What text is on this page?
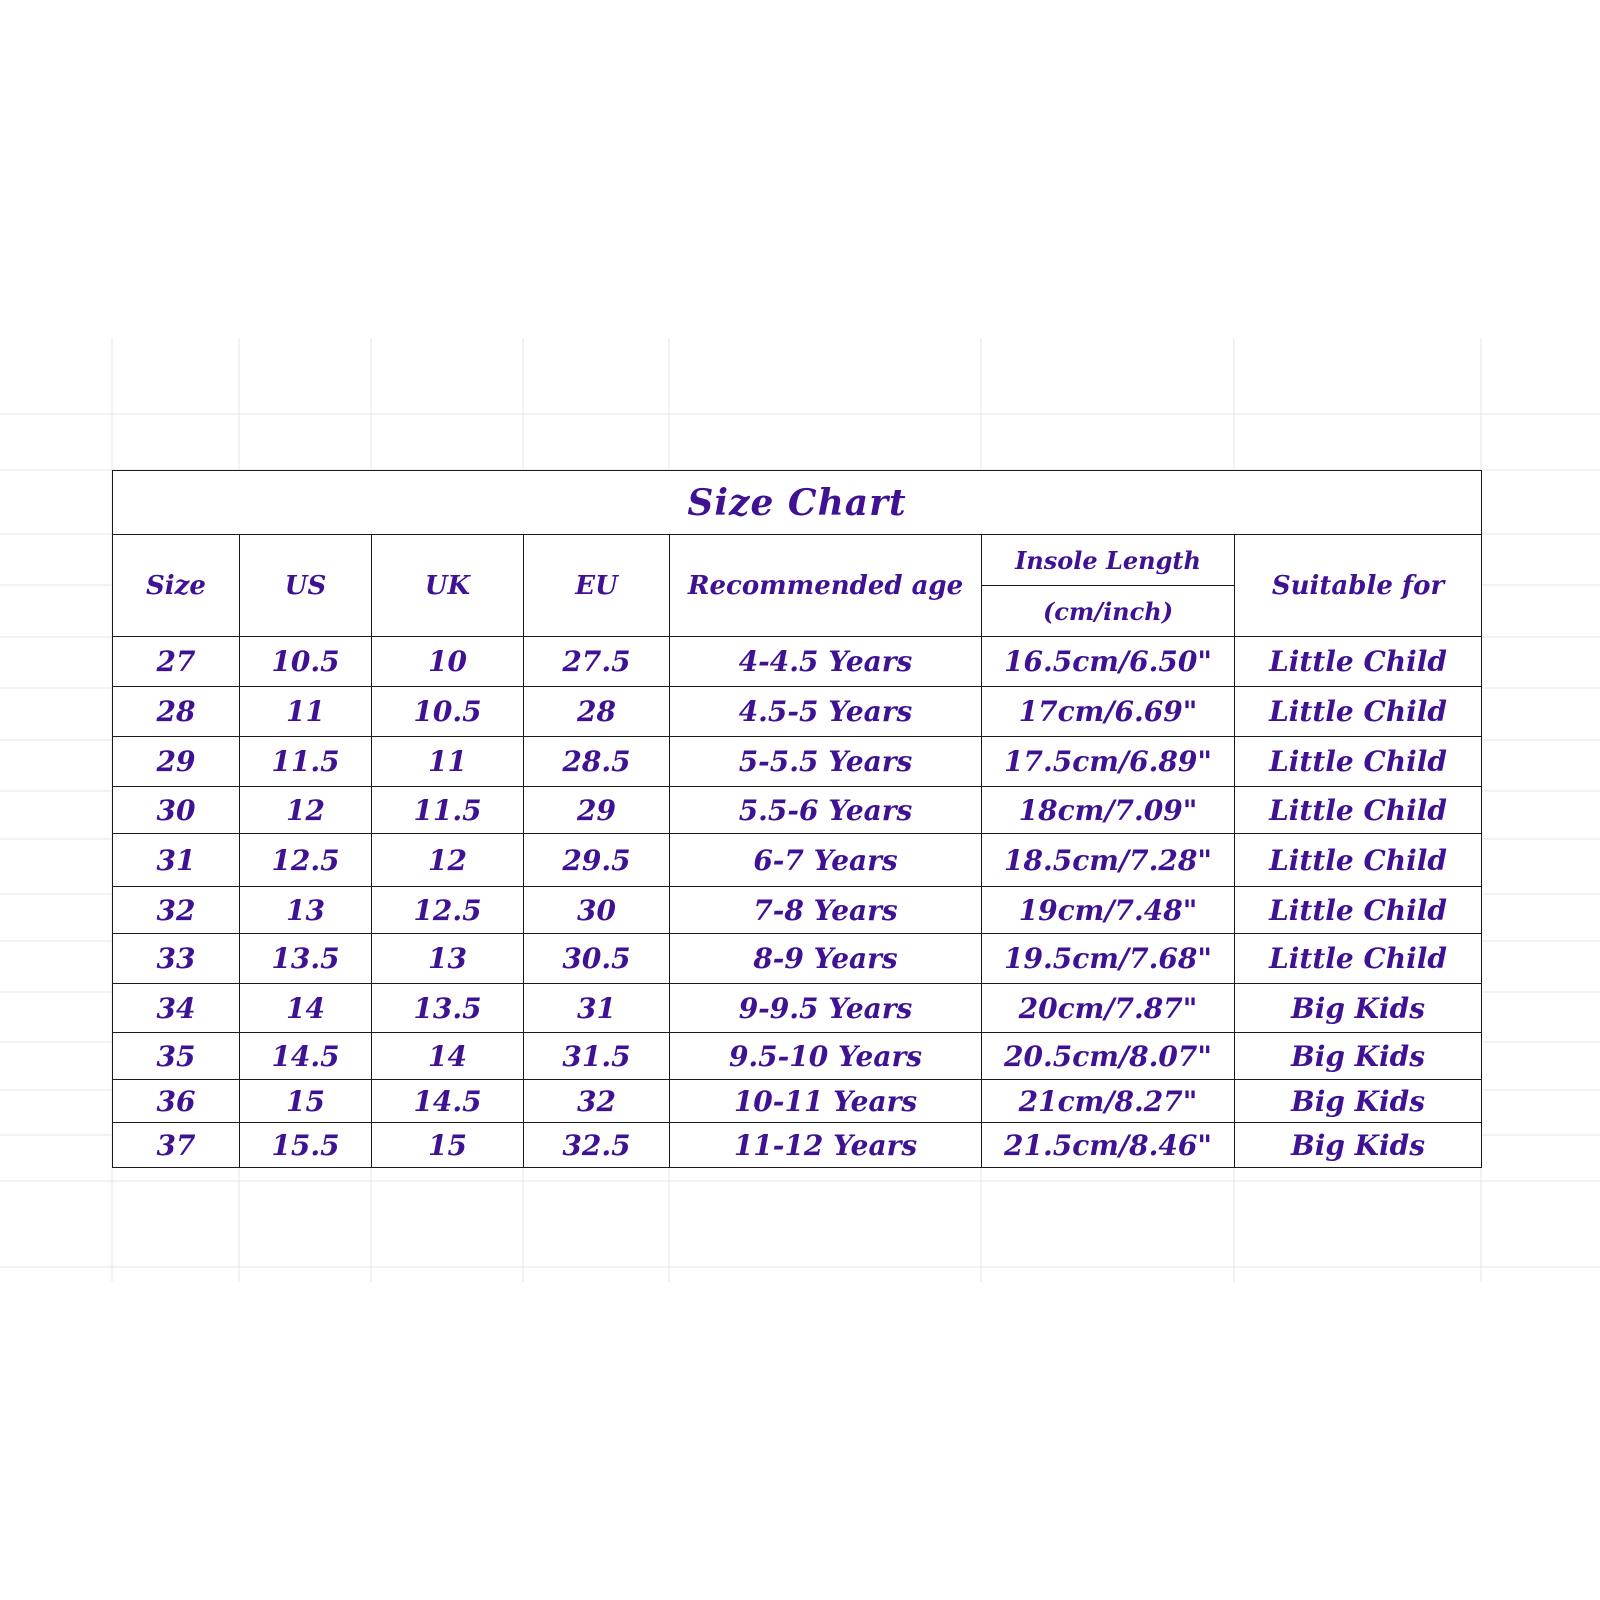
Size Chart						
Size	US	UK	EU	Recommended age	Insole Length	Suitable for
					(cm/inch)	
27	10.5	10	27.5	4-4.5 Years	16.5cm/6.50"	Little Child
28	11	10.5	28	4.5-5 Years	17cm/6.69"	Little Child
29	11.5	11	28.5	5-5.5 Years	17.5cm/6.89"	Little Child
30	12	11.5	29	5.5-6 Years	18cm/7.09"	Little Child
31	12.5	12	29.5	6-7 Years	18.5cm/7.28"	Little Child
32	13	12.5	30	7-8 Years	19cm/7.48"	Little Child
33	13.5	13	30.5	8-9 Years	19.5cm/7.68"	Little Child
34	14	13.5	31	9-9.5 Years	20cm/7.87"	Big Kids
35	14.5	14	31.5	9.5-10 Years	20.5cm/8.07"	Big Kids
36	15	14.5	32	10-11 Years	21cm/8.27"	Big Kids
37	15.5	15	32.5	11-12 Years	21.5cm/8.46"	Big Kids
